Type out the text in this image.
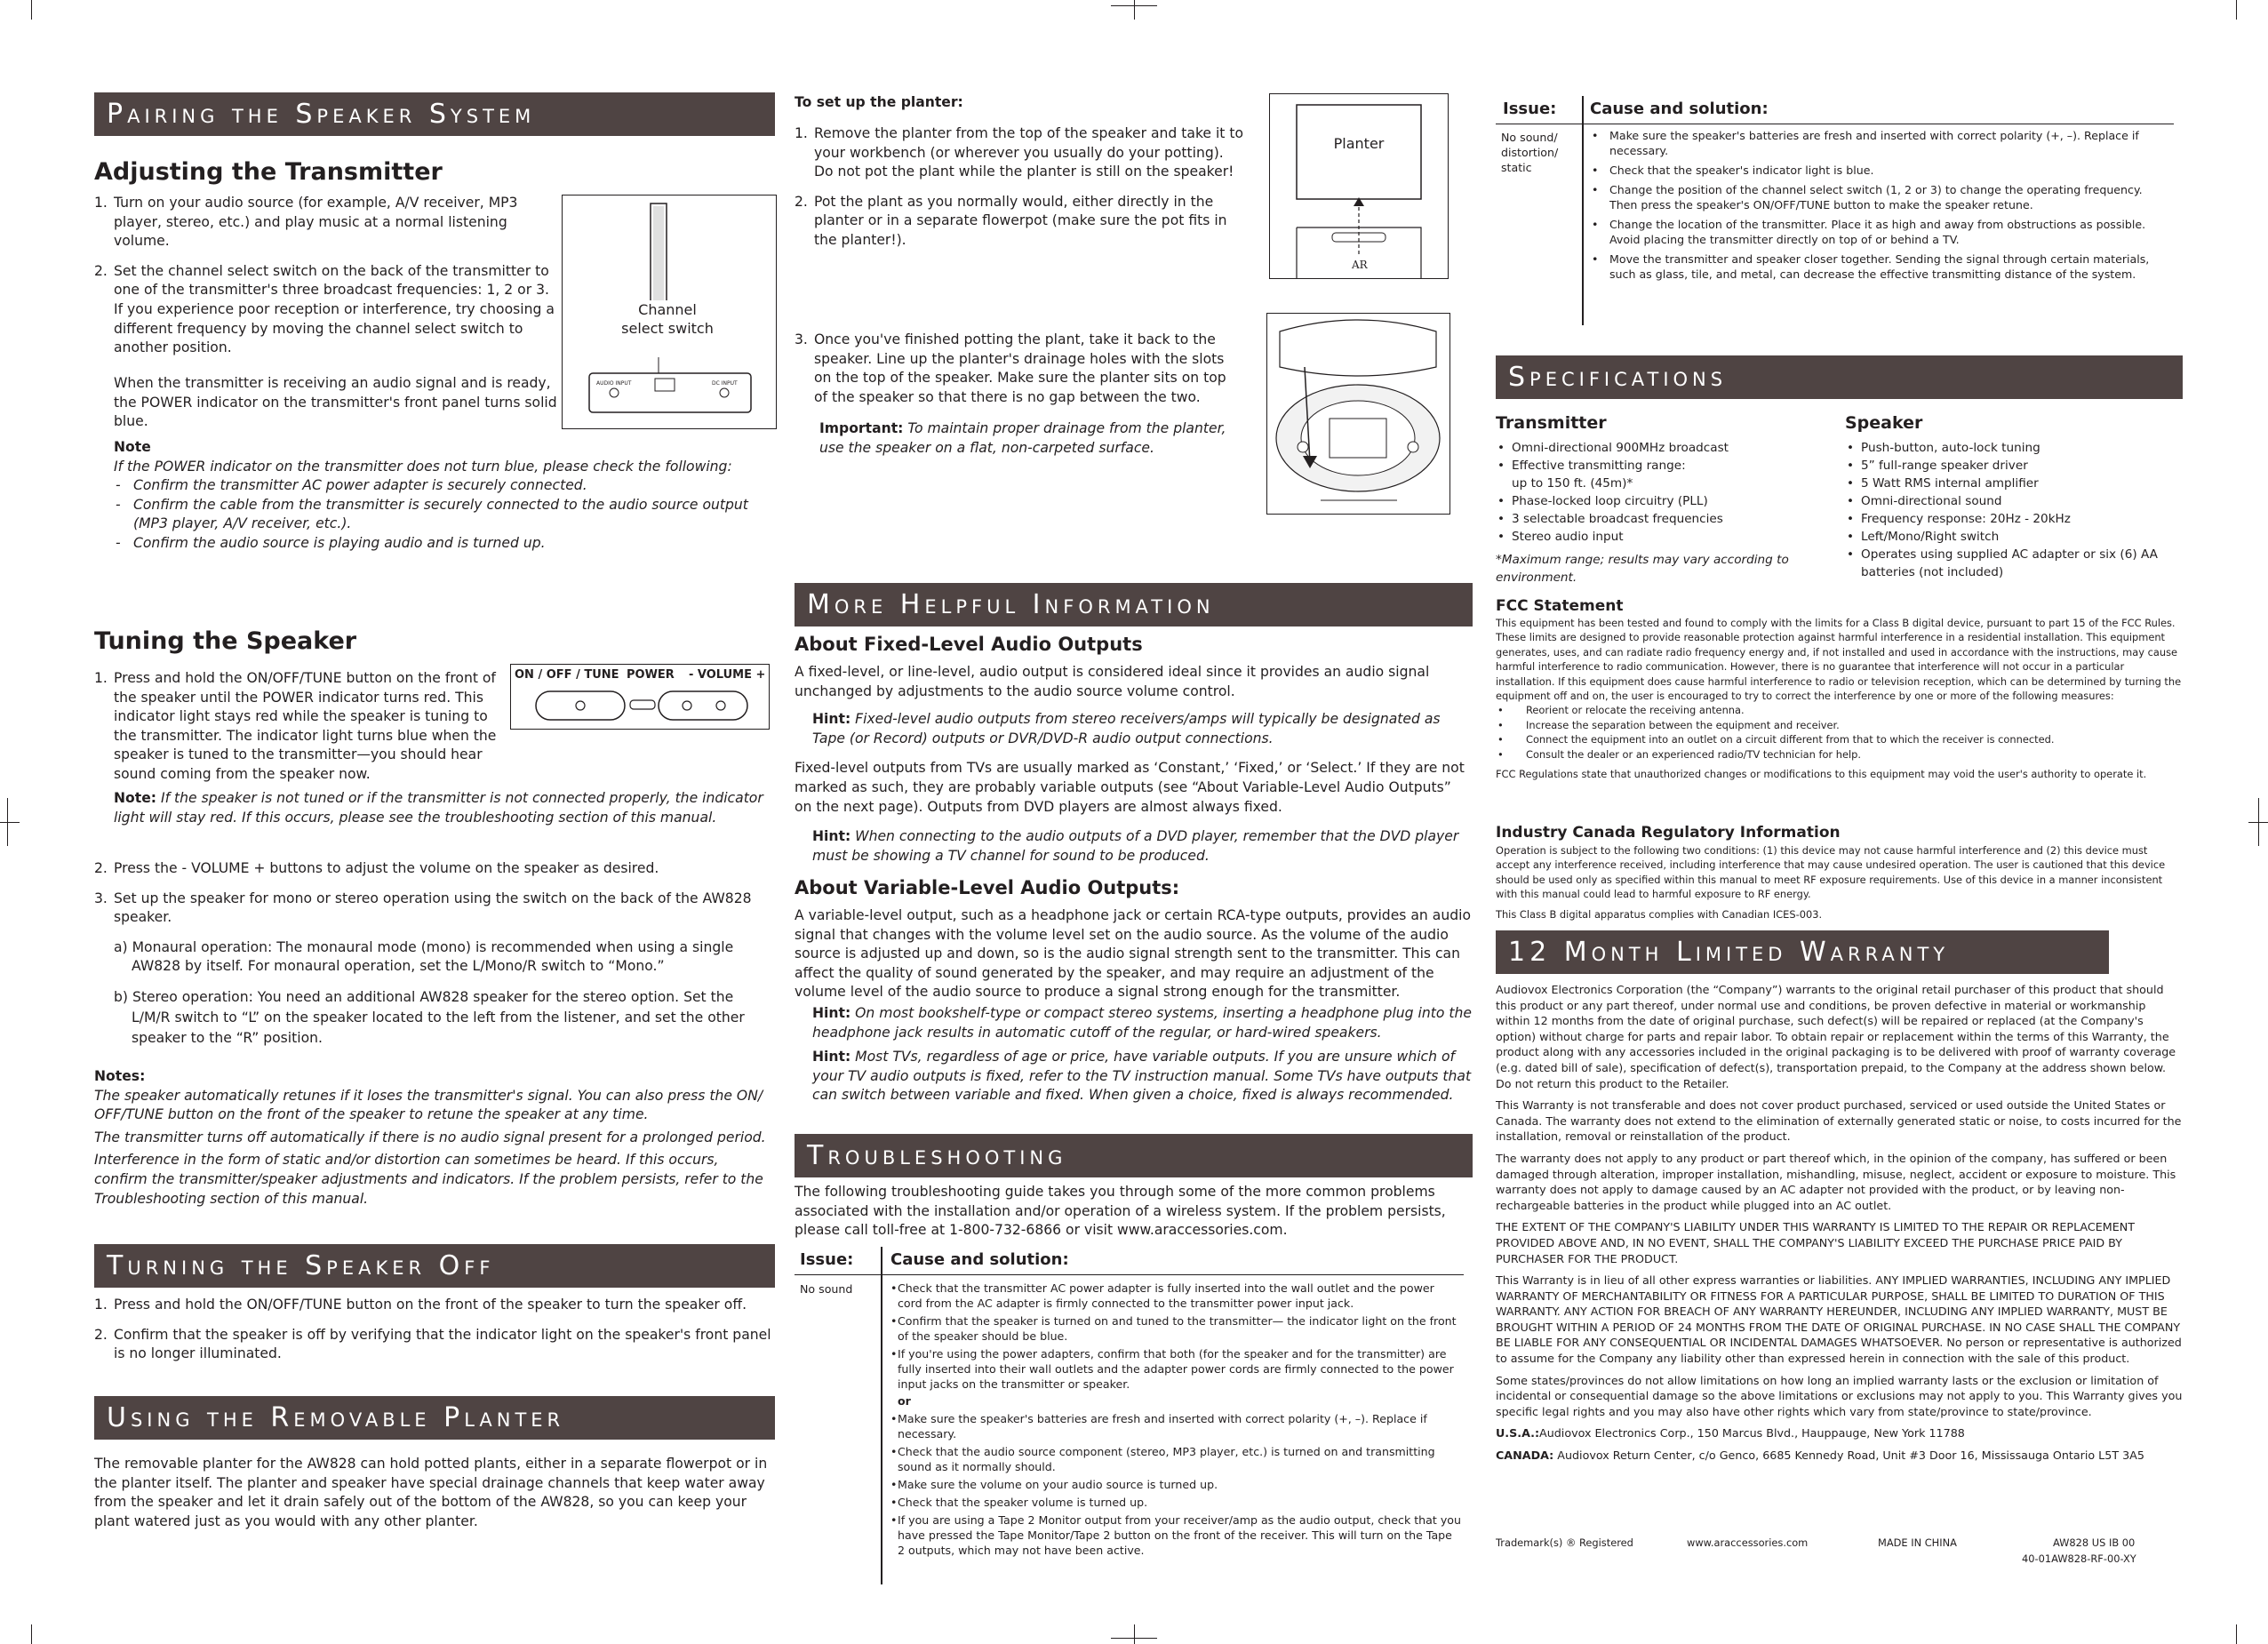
Pairing the Speaker System
Adjusting the Transmitter
1. Turn on your audio source (for example, A/V receiver, MP3 player, stereo, etc.) and play music at a normal listening volume.
2. Set the channel select switch on the back of the transmitter to one of the transmitter's three broadcast frequencies: 1, 2 or 3. If you experience poor reception or interference, try choosing a different frequency by moving the channel select switch to another position.
When the transmitter is receiving an audio signal and is ready, the POWER indicator on the transmitter's front panel turns solid blue.
AUDIO INPUT	DC INPUT
Channel select switch
Note
If the POWER indicator on the transmitter does not turn blue, please check the following:
- Confirm the transmitter AC power adapter is securely connected.
- Confirm the cable from the transmitter is securely connected to the audio source output (MP3 player, A/V receiver, etc.).
- Confirm the audio source is playing audio and is turned up.
Tuning the Speaker
1. Press and hold the ON/OFF/TUNE button on the front of the speaker until the POWER indicator turns red. This indicator light stays red while the speaker is tuning to the transmitter. The indicator light turns blue when the speaker is tuned to the transmitter—you should hear sound coming from the speaker now.
ON / OFF / TUNE POWER - VOLUME +
Note: If the speaker is not tuned or if the transmitter is not connected properly, the indicator light will stay red. If this occurs, please see the troubleshooting section of this manual.
2. Press the - VOLUME + buttons to adjust the volume on the speaker as desired.
3. Set up the speaker for mono or stereo operation using the switch on the back of the AW828 speaker.
a) Monaural operation: The monaural mode (mono) is recommended when using a single AW828 by itself. For monaural operation, set the L/Mono/R switch to “Mono.”
b) Stereo operation: You need an additional AW828 speaker for the stereo option. Set the L/M/R switch to “L” on the speaker located to the left from the listener, and set the other speaker to the “R” position.
Notes:
The speaker automatically retunes if it loses the transmitter's signal. You can also press the ON/ OFF/TUNE button on the front of the speaker to retune the speaker at any time.
The transmitter turns off automatically if there is no audio signal present for a prolonged period.
Interference in the form of static and/or distortion can sometimes be heard. If this occurs, confirm the transmitter/speaker adjustments and indicators. If the problem persists, refer to the Troubleshooting section of this manual.
Turning the Speaker Off
1. Press and hold the ON/OFF/TUNE button on the front of the speaker to turn the speaker off.
2. Confirm that the speaker is off by verifying that the indicator light on the speaker's front panel is no longer illuminated.
Using the Removable Planter
The removable planter for the AW828 can hold potted plants, either in a separate flowerpot or in the planter itself. The planter and speaker have special drainage channels that keep water away from the speaker and let it drain safely out of the bottom of the AW828, so you can keep your plant watered just as you would with any other planter.
To set up the planter:
1. Remove the planter from the top of the speaker and take it to your workbench (or wherever you usually do your potting). Do not pot the plant while the planter is still on the speaker!
2. Pot the plant as you normally would, either directly in the planter or in a separate flowerpot (make sure the pot fits in the planter!).
AR
Planter
3. Once you've finished potting the plant, take it back to the speaker. Line up the planter's drainage holes with the slots on the top of the speaker. Make sure the planter sits on top of the speaker so that there is no gap between the two.
Important: To maintain proper drainage from the planter, use the speaker on a flat, non-carpeted surface.
More Helpful Information
About Fixed-Level Audio Outputs
A fixed-level, or line-level, audio output is considered ideal since it provides an audio signal unchanged by adjustments to the audio source volume control.
Hint: Fixed-level audio outputs from stereo receivers/amps will typically be designated as Tape (or Record) outputs or DVR/DVD-R audio output connections.
Fixed-level outputs from TVs are usually marked as ‘Constant,’ ‘Fixed,’ or ‘Select.’ If they are not marked as such, they are probably variable outputs (see “About Variable-Level Audio Outputs” on the next page). Outputs from DVD players are almost always fixed.
Hint: When connecting to the audio outputs of a DVD player, remember that the DVD player must be showing a TV channel for sound to be produced.
About Variable-Level Audio Outputs:
A variable-level output, such as a headphone jack or certain RCA-type outputs, provides an audio signal that changes with the volume level set on the audio source. As the volume of the audio source is adjusted up and down, so is the audio signal strength sent to the transmitter. This can affect the quality of sound generated by the speaker, and may require an adjustment of the volume level of the audio source to produce a signal strong enough for the transmitter.
Hint: On most bookshelf-type or compact stereo systems, inserting a headphone plug into the headphone jack results in automatic cutoff of the regular, or hard-wired speakers.
Hint: Most TVs, regardless of age or price, have variable outputs. If you are unsure which of your TV audio outputs is fixed, refer to the TV instruction manual. Some TVs have outputs that can switch between variable and fixed. When given a choice, fixed is always recommended.
Troubleshooting
The following troubleshooting guide takes you through some of the more common problems associated with the installation and/or operation of a wireless system. If the problem persists, please call toll-free at 1-800-732-6866 or visit www.araccessories.com.
Issue: Cause and solution:
No sound
•	Check that the transmitter AC power adapter is fully inserted into the wall outlet and the power cord from the AC adapter is firmly connected to the transmitter power input jack.
• Confirm that the speaker is turned on and tuned to the transmitter— the indicator light on the front of the speaker should be blue.
• If you're using the power adapters, confirm that both (for the speaker and for the transmitter) are fully inserted into their wall outlets and the adapter power cords are firmly connected to the power input jacks on the transmitter or speaker.
or
• Make sure the speaker's batteries are fresh and inserted with correct polarity (+, –). Replace if necessary.
• Check that the audio source component (stereo, MP3 player, etc.) is turned on and transmitting sound as it normally should.
• Make sure the volume on your audio source is turned up.
• Check that the speaker volume is turned up.
• If you are using a Tape 2 Monitor output from your receiver/amp as the audio output, check that you have pressed the Tape Monitor/Tape 2 button on the front of the receiver. This will turn on the Tape 2 outputs, which may not have been active.
Issue: Cause and solution:
No sound/ distortion/ static
• Make sure the speaker's batteries are fresh and inserted with correct polarity (+, –). Replace if necessary.
• Check that the speaker's indicator light is blue.
• Change the position of the channel select switch (1, 2 or 3) to change the operating frequency. Then press the speaker's ON/OFF/TUNE button to make the speaker retune.
• Change the location of the transmitter. Place it as high and away from obstructions as possible. Avoid placing the transmitter directly on top of or behind a TV.
• Move the transmitter and speaker closer together. Sending the signal through certain materials, such as glass, tile, and metal, can decrease the effective transmitting distance of the system.
Specifications
Transmitter
• Omni-directional 900MHz broadcast
• Effective transmitting range: up to 150 ft. (45m)*
• Phase-locked loop circuitry (PLL)
• 3 selectable broadcast frequencies
• Stereo audio input
*Maximum range; results may vary according to environment.
Speaker
• Push-button, auto-lock tuning
• 5” full-range speaker driver
• 5 Watt RMS internal amplifier
• Omni-directional sound
• Frequency response: 20Hz - 20kHz
• Left/Mono/Right switch
• Operates using supplied AC adapter or six (6) AA batteries (not included)
FCC Statement
This equipment has been tested and found to comply with the limits for a Class B digital device, pursuant to part 15 of the FCC Rules. These limits are designed to provide reasonable protection against harmful interference in a residential installation. This equipment generates, uses, and can radiate radio frequency energy and, if not installed and used in accordance with the instructions, may cause harmful interference to radio communication. However, there is no guarantee that interference will not occur in a particular installation. If this equipment does cause harmful interference to radio or television reception, which can be determined by turning the equipment off and on, the user is encouraged to try to correct the interference by one or more of the following measures:
• Reorient or relocate the receiving antenna.
• Increase the separation between the equipment and receiver.
• Connect the equipment into an outlet on a circuit different from that to which the receiver is connected.
• Consult the dealer or an experienced radio/TV technician for help.
FCC Regulations state that unauthorized changes or modifications to this equipment may void the user's authority to operate it.
Industry Canada Regulatory Information
Operation is subject to the following two conditions: (1) this device may not cause harmful interference and (2) this device must accept any interference received, including interference that may cause undesired operation. The user is cautioned that this device should be used only as specified within this manual to meet RF exposure requirements. Use of this device in a manner inconsistent with this manual could lead to harmful exposure to RF energy.
This Class B digital apparatus complies with Canadian ICES-003.
12 Month Limited Warranty
Audiovox Electronics Corporation (the “Company”) warrants to the original retail purchaser of this product that should this product or any part thereof, under normal use and conditions, be proven defective in material or workmanship within 12 months from the date of original purchase, such defect(s) will be repaired or replaced (at the Company's option) without charge for parts and repair labor. To obtain repair or replacement within the terms of this Warranty, the product along with any accessories included in the original packaging is to be delivered with proof of warranty coverage (e.g. dated bill of sale), specification of defect(s), transportation prepaid, to the Company at the address shown below. Do not return this product to the Retailer.
This Warranty is not transferable and does not cover product purchased, serviced or used outside the United States or Canada. The warranty does not extend to the elimination of externally generated static or noise, to costs incurred for the installation, removal or reinstallation of the product.
The warranty does not apply to any product or part thereof which, in the opinion of the company, has suffered or been damaged through alteration, improper installation, mishandling, misuse, neglect, accident or exposure to moisture. This warranty does not apply to damage caused by an AC adapter not provided with the product, or by leaving non-rechargeable batteries in the product while plugged into an AC outlet.
THE EXTENT OF THE COMPANY'S LIABILITY UNDER THIS WARRANTY IS LIMITED TO THE REPAIR OR REPLACEMENT PROVIDED ABOVE AND, IN NO EVENT, SHALL THE COMPANY'S LIABILITY EXCEED THE PURCHASE PRICE PAID BY PURCHASER FOR THE PRODUCT.
This Warranty is in lieu of all other express warranties or liabilities. ANY IMPLIED WARRANTIES, INCLUDING ANY IMPLIED WARRANTY OF MERCHANTABILITY OR FITNESS FOR A PARTICULAR PURPOSE, SHALL BE LIMITED TO DURATION OF THIS WARRANTY. ANY ACTION FOR BREACH OF ANY WARRANTY HEREUNDER, INCLUDING ANY IMPLIED WARRANTY, MUST BE BROUGHT WITHIN A PERIOD OF 24 MONTHS FROM THE DATE OF ORIGINAL PURCHASE. IN NO CASE SHALL THE COMPANY BE LIABLE FOR ANY CONSEQUENTIAL OR INCIDENTAL DAMAGES WHATSOEVER. No person or representative is authorized to assume for the Company any liability other than expressed herein in connection with the sale of this product.
Some states/provinces do not allow limitations on how long an implied warranty lasts or the exclusion or limitation of incidental or consequential damage so the above limitations or exclusions may not apply to you. This Warranty gives you specific legal rights and you may also have other rights which vary from state/province to state/province.
U.S.A.:Audiovox Electronics Corp., 150 Marcus Blvd., Hauppauge, New York 11788
CANADA: Audiovox Return Center, c/o Genco, 6685 Kennedy Road, Unit #3 Door 16, Mississauga Ontario L5T 3A5
Trademark(s) ® Registered	www.araccessories.com	MADE IN CHINA	AW828 US IB 00
40-01AW828-RF-00-XY
